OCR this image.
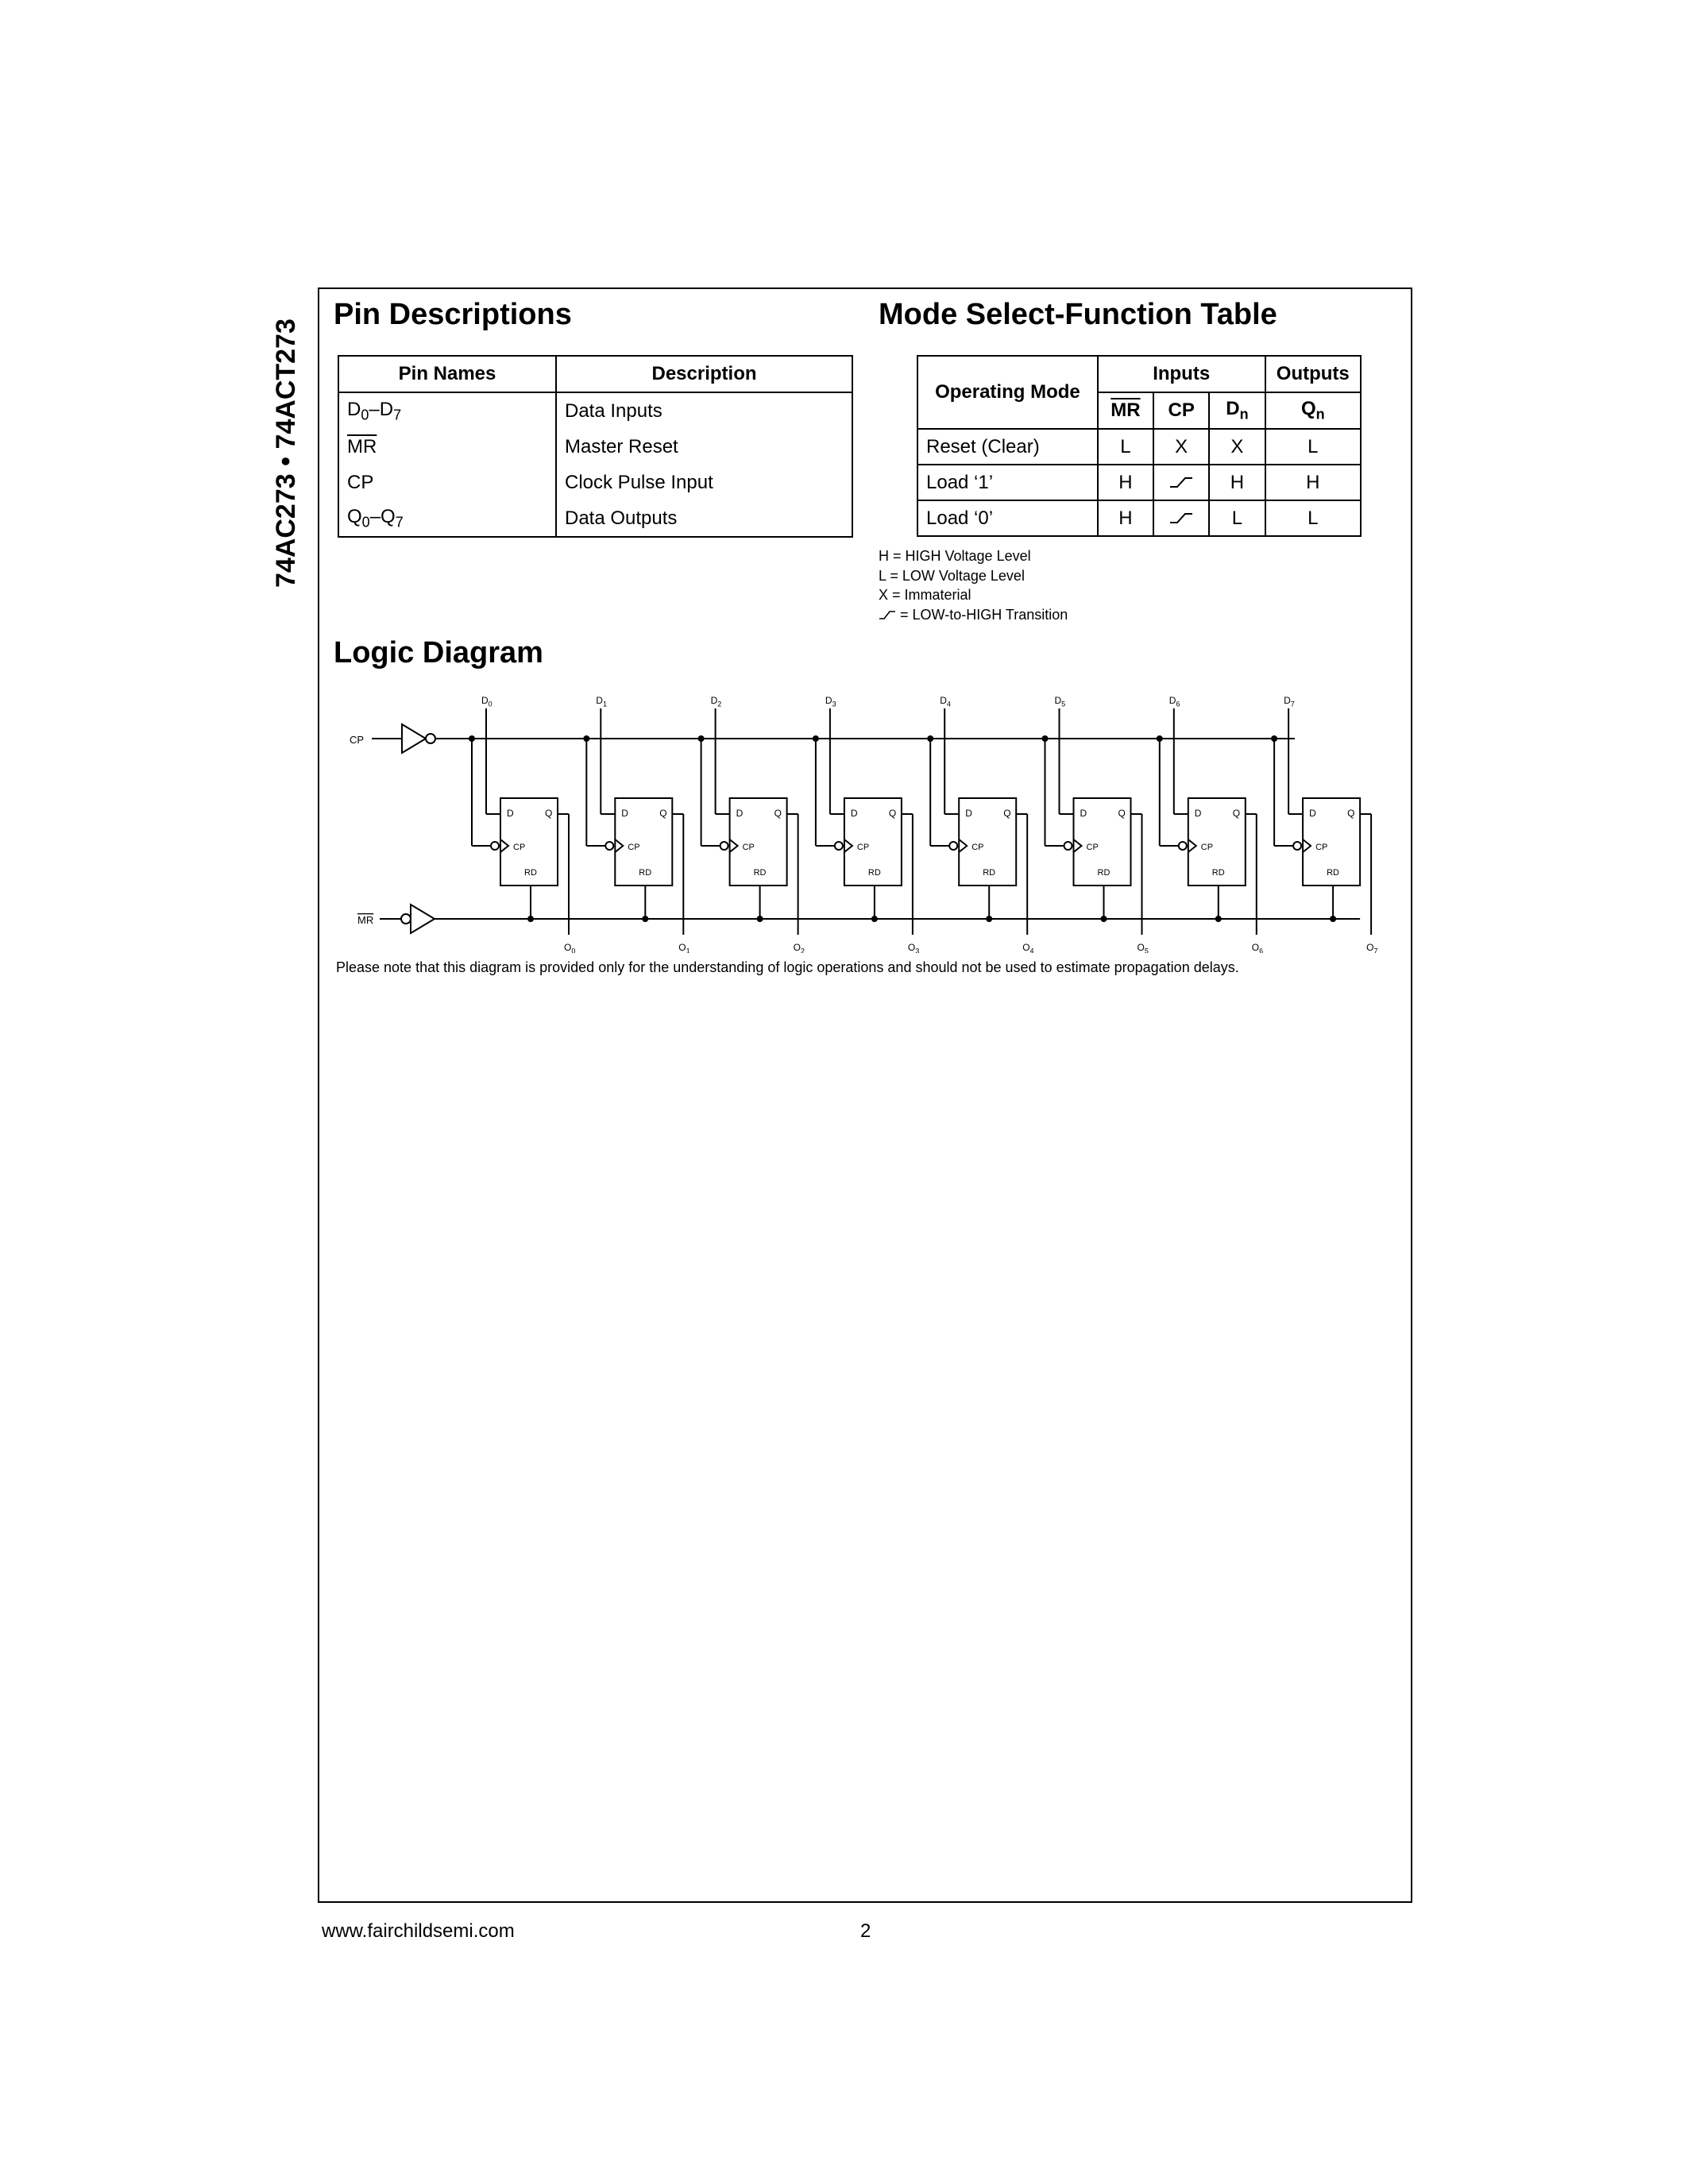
74AC273 • 74ACT273
Pin Descriptions
Pin Names	Description
$D_0-D_7$	Data Inputs
$\overline{MR}$	Master Reset
CP	Clock Pulse Input
$Q_0-Q_7$	Data Outputs
Mode Select-Function Table
Operating Mode	Inputs			Outputs
	$\overline{MR}$	CP	$D_n$	$Q_n$
Reset (Clear)	L	X	X	L
Load ‘1’	H		H	H
Load ‘0’	H		L	L
H = HIGH Voltage Level
L = LOW Voltage Level
X = Immaterial
= LOW-to-HIGH Transition
Logic Diagram
CP
MR
$D_0$
D	Q
CP
RD
$O_0$
$D_1$
D	Q
CP
RD
$O_1$
$D_2$
D	Q
CP
RD
$O_2$
$D_3$
D	Q
CP
RD
$O_3$
$D_4$
D	Q
CP
RD
$O_4$
$D_5$
D	Q
CP
RD
$O_5$
$D_6$
D	Q
CP
RD
$O_6$
$D_7$
D	Q
CP
RD
$O_7$
Please note that this diagram is provided only for the understanding of logic operations and should not be used to estimate propagation delays.
www.fairchildsemi.com	2
